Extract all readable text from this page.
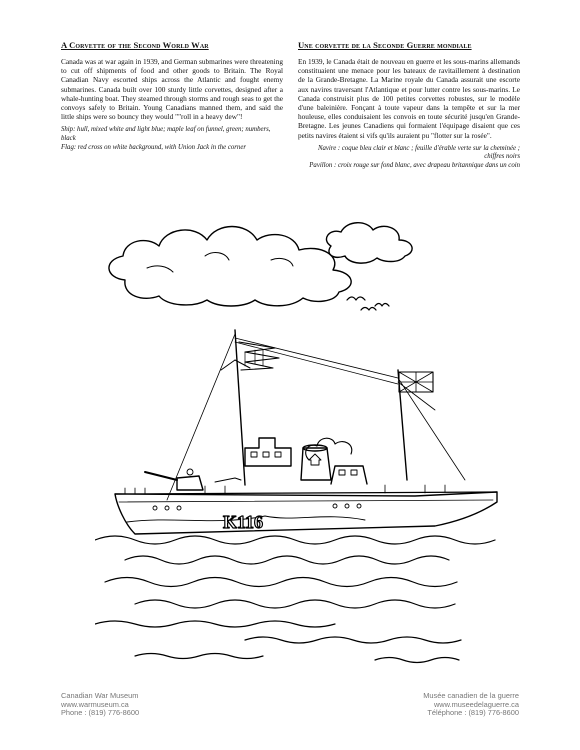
A Corvette of the Second World War

Canada was at war again in 1939, and German submarines were threatening to cut off shipments of food and other goods to Britain. The Royal Canadian Navy escorted ships across the Atlantic and fought enemy submarines. Canada built over 100 sturdy little corvettes, designed after a whale-hunting boat. They steamed through storms and rough seas to get the convoys safely to Britain. Young Canadians manned them, and said the little ships were so bouncy they would ""roll in a heavy dew"!

Ship: hull, mixed white and light blue; maple leaf on funnel, green; numbers, black
Flag: red cross on white background, with Union Jack in the corner
Une corvette de la Seconde Guerre mondiale

En 1939, le Canada était de nouveau en guerre et les sous-marins allemands constituaient une menace pour les bateaux de ravitaillement à destination de la Grande-Bretagne. La Marine royale du Canada assurait une escorte aux navires traversant l'Atlantique et pour lutter contre les sous-marins. Le Canada construisit plus de 100 petites corvettes robustes, sur le modèle d'une baleinière. Fonçant à toute vapeur dans la tempête et sur la mer houleuse, elles conduisaient les convois en toute sécurité jusqu'en Grande-Bretagne. Les jeunes Canadiens qui formaient l'équipage disaient que ces petits navires étaient si vifs qu'ils auraient pu "flotter sur la rosée".

Navire : coque bleu clair et blanc ; feuille d'érable verte sur la cheminée ; chiffres noirs
Pavillon : croix rouge sur fond blanc, avec drapeau britannique dans un coin
K116
Canadian War Museum
www.warmuseum.ca
Phone : (819) 776-8600
Musée canadien de la guerre
www.museedelaguerre.ca
Téléphone : (819) 776-8600
